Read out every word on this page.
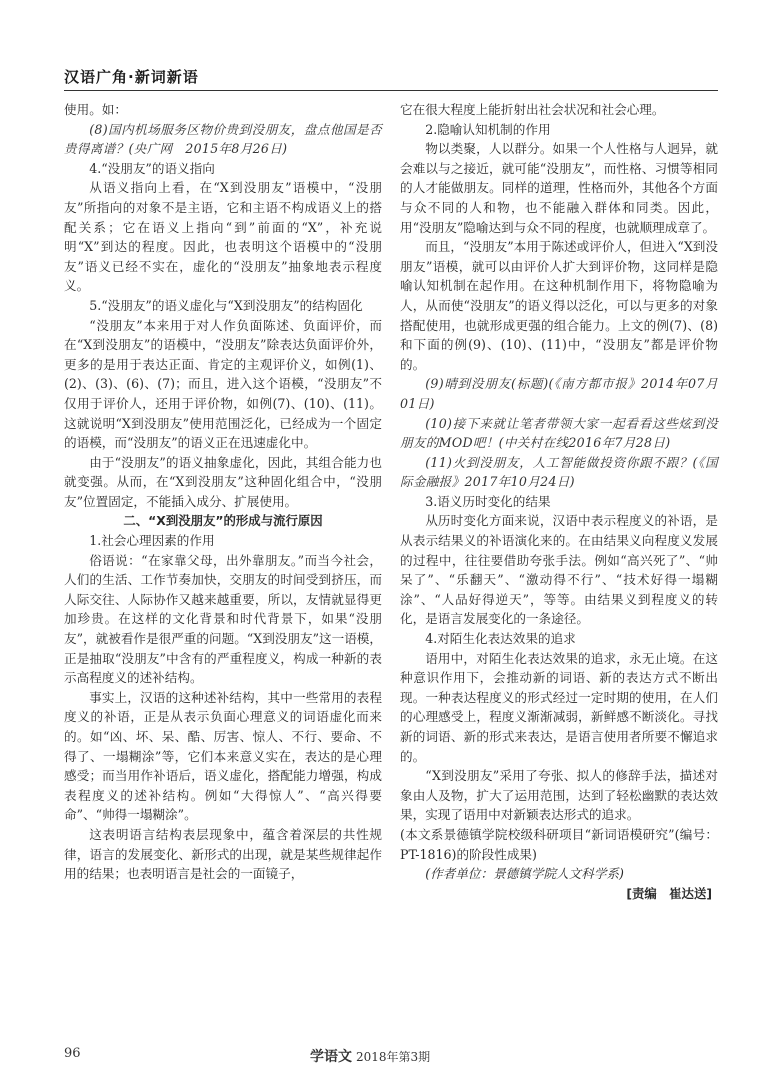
汉语广角·新词新语

使用。如：

(8)国内机场服务区物价贵到没朋友，盘点他国是否贵得离谱？(央广网　2015年8月26日)

4.“没朋友”的语义指向

从语义指向上看，在“X到没朋友”语模中，“没朋友”所指向的对象不是主语，它和主语不构成语义上的搭配关系；它在语义上指向“到”前面的“X”，补充说明“X”到达的程度。因此，也表明这个语模中的“没朋友”语义已经不实在，虚化的“没朋友”抽象地表示程度义。

5.“没朋友”的语义虚化与“X到没朋友”的结构固化

“没朋友”本来用于对人作负面陈述、负面评价，而在“X到没朋友”的语模中，“没朋友”除表达负面评价外，更多的是用于表达正面、肯定的主观评价义，如例(1)、(2)、(3)、(6)、(7)；而且，进入这个语模，“没朋友”不仅用于评价人，还用于评价物，如例(7)、(10)、(11)。这就说明“X到没朋友”使用范围泛化，已经成为一个固定的语模，而“没朋友”的语义正在迅速虚化中。

由于“没朋友”的语义抽象虚化，因此，其组合能力也就变强。从而，在“X到没朋友”这种固化组合中，“没朋友”位置固定，不能插入成分、扩展使用。

二、“X到没朋友”的形成与流行原因

1.社会心理因素的作用

俗语说：“在家靠父母，出外靠朋友。”而当今社会，人们的生活、工作节奏加快，交朋友的时间受到挤压，而人际交往、人际协作又越来越重要，所以，友情就显得更加珍贵。在这样的文化背景和时代背景下，如果“没朋友”，就被看作是很严重的问题。“X到没朋友”这一语模，正是抽取“没朋友”中含有的严重程度义，构成一种新的表示高程度义的述补结构。

事实上，汉语的这种述补结构，其中一些常用的表程度义的补语，正是从表示负面心理意义的词语虚化而来的。如“凶、坏、呆、酷、厉害、惊人、不行、要命、不得了、一塌糊涂”等，它们本来意义实在，表达的是心理感受；而当用作补语后，语义虚化，搭配能力增强，构成表程度义的述补结构。例如“大得惊人”、“高兴得要命”、“帅得一塌糊涂”。

这表明语言结构表层现象中，蕴含着深层的共性规律，语言的发展变化、新形式的出现，就是某些规律起作用的结果；也表明语言是社会的一面镜子，

它在很大程度上能折射出社会状况和社会心理。

2.隐喻认知机制的作用

物以类聚，人以群分。如果一个人性格与人迥异，就会难以与之接近，就可能“没朋友”，而性格、习惯等相同的人才能做朋友。同样的道理，性格而外，其他各个方面与众不同的人和物，也不能融入群体和同类。因此，用“没朋友”隐喻达到与众不同的程度，也就顺理成章了。

而且，“没朋友”本用于陈述或评价人，但进入“X到没朋友”语模，就可以由评价人扩大到评价物，这同样是隐喻认知机制在起作用。在这种机制作用下，将物隐喻为人，从而使“没朋友”的语义得以泛化，可以与更多的对象搭配使用，也就形成更强的组合能力。上文的例(7)、(8)和下面的例(9)、(10)、(11)中，“没朋友”都是评价物的。

(9)晴到没朋友(标题)(《南方都市报》2014年07月01日)

(10)接下来就让笔者带领大家一起看看这些炫到没朋友的MOD吧！(中关村在线2016年7月28日)

(11)火到没朋友，人工智能做投资你跟不跟？(《国际金融报》2017年10月24日)

3.语义历时变化的结果

从历时变化方面来说，汉语中表示程度义的补语，是从表示结果义的补语演化来的。在由结果义向程度义发展的过程中，往往要借助夸张手法。例如“高兴死了”、“帅呆了”、“乐翻天”、“激动得不行”、“技术好得一塌糊涂”、“人品好得逆天”，等等。由结果义到程度义的转化，是语言发展变化的一条途径。

4.对陌生化表达效果的追求

语用中，对陌生化表达效果的追求，永无止境。在这种意识作用下，会推动新的词语、新的表达方式不断出现。一种表达程度义的形式经过一定时期的使用，在人们的心理感受上，程度义渐渐减弱，新鲜感不断淡化。寻找新的词语、新的形式来表达，是语言使用者所要不懈追求的。

“X到没朋友”采用了夸张、拟人的修辞手法，描述对象由人及物，扩大了运用范围，达到了轻松幽默的表达效果，实现了语用中对新颖表达形式的追求。

(本文系景德镇学院校级科研项目“新词语模研究”(编号：PT-1816)的阶段性成果)

(作者单位：景德镇学院人文科学系)

[责编　崔达送]

96	学语文 2018年第3期
